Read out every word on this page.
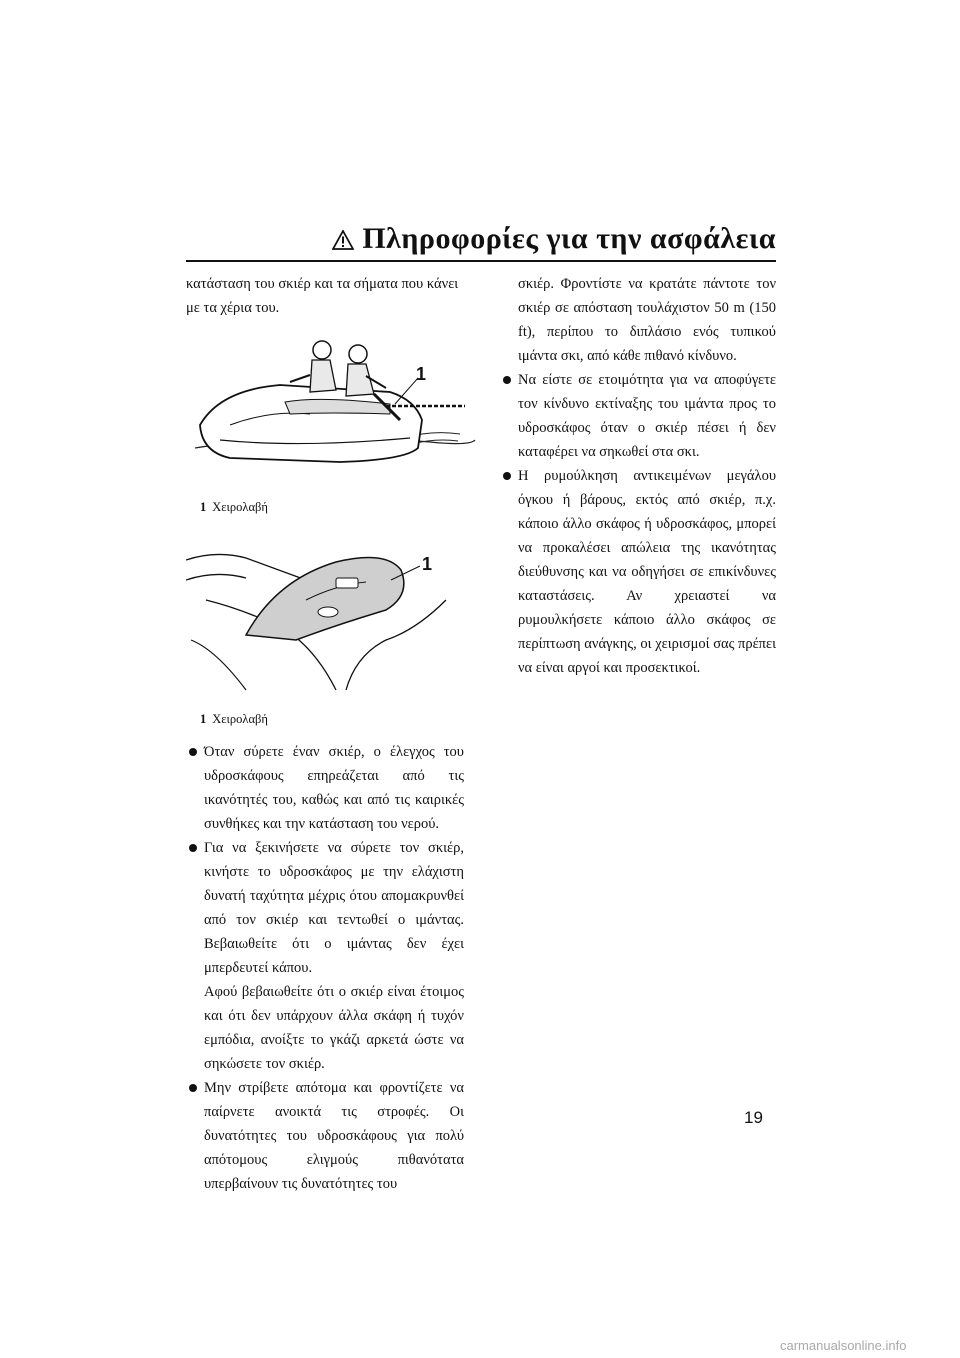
Πληροφορίες για την ασφάλεια

κατάσταση του σκιέρ και τα σήματα που κάνει με τα χέρια του.

1
1 Χειρολαβή
1
1 Χειρολαβή
Όταν σύρετε έναν σκιέρ, ο έλεγχος του υδροσκάφους επηρεάζεται από τις ικανότητές του, καθώς και από τις καιρικές συνθήκες και την κατάσταση του νερού.
Για να ξεκινήσετε να σύρετε τον σκιέρ, κινήστε το υδροσκάφος με την ελάχιστη δυνατή ταχύτητα μέχρις ότου απομακρυνθεί από τον σκιέρ και τεντωθεί ο ιμάντας. Βεβαιωθείτε ότι ο ιμάντας δεν έχει μπερδευτεί κάπου.

Αφού βεβαιωθείτε ότι ο σκιέρ είναι έτοιμος και ότι δεν υπάρχουν άλλα σκάφη ή τυχόν εμπόδια, ανοίξτε το γκάζι αρκετά ώστε να σηκώσετε τον σκιέρ.

Μην στρίβετε απότομα και φροντίζετε να παίρνετε ανοικτά τις στροφές. Οι δυνατότητες του υδροσκάφους για πολύ απότομους ελιγμούς πιθανότατα υπερβαίνουν τις δυνατότητες του

σκιέρ. Φροντίστε να κρατάτε πάντοτε τον σκιέρ σε απόσταση τουλάχιστον 50 m (150 ft), περίπου το διπλάσιο ενός τυπικού ιμάντα σκι, από κάθε πιθανό κίνδυνο.

Να είστε σε ετοιμότητα για να αποφύγετε τον κίνδυνο εκτίναξης του ιμάντα προς το υδροσκάφος όταν ο σκιέρ πέσει ή δεν καταφέρει να σηκωθεί στα σκι.
Η ρυμούλκηση αντικειμένων μεγάλου όγκου ή βάρους, εκτός από σκιέρ, π.χ. κάποιο άλλο σκάφος ή υδροσκάφος, μπορεί να προκαλέσει απώλεια της ικανότητας διεύθυνσης και να οδηγήσει σε επικίνδυνες καταστάσεις. Αν χρειαστεί να ρυμουλκήσετε κάποιο άλλο σκάφος σε περίπτωση ανάγκης, οι χειρισμοί σας πρέπει να είναι αργοί και προσεκτικοί.
19
carmanualsonline.info
